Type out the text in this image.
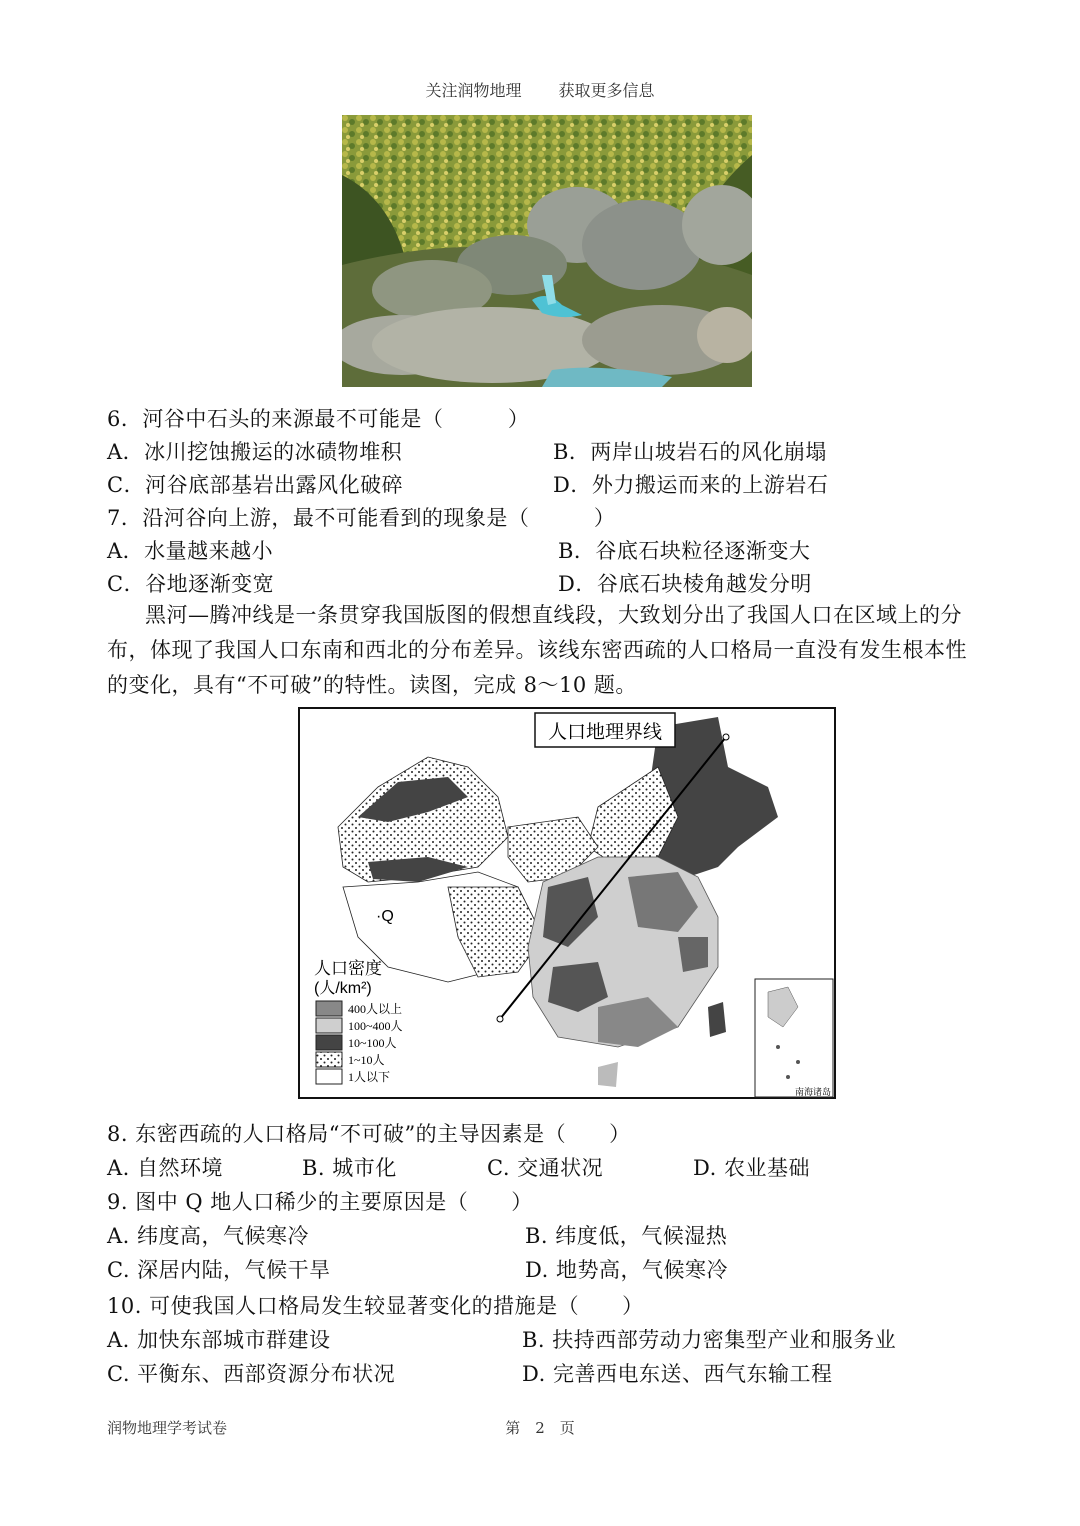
关注润物地理 获取更多信息
6．河谷中石头的来源最不可能是（　　　）
A．冰川挖蚀搬运的冰碛物堆积	B．两岸山坡岩石的风化崩塌
C．河谷底部基岩出露风化破碎	D．外力搬运而来的上游岩石
7．沿河谷向上游，最不可能看到的现象是（　　　）
A．水量越来越小	B．谷底石块粒径逐渐变大
C．谷地逐渐变宽	D．谷底石块棱角越发分明
黑河—腾冲线是一条贯穿我国版图的假想直线段，大致划分出了我国人口在区域上的分布，体现了我国人口东南和西北的分布差异。该线东密西疏的人口格局一直没有发生根本性的变化，具有“不可破”的特性。读图，完成 8～10 题。
人口地理界线
·Q
人口密度
(人/km²)
400人以上
100~400人
10~100人
1~10人
1人以下
南海诸岛
8. 东密西疏的人口格局“不可破”的主导因素是（　　）
A. 自然环境	B. 城市化	C. 交通状况	D. 农业基础
9. 图中 Q 地人口稀少的主要原因是（　　）
A. 纬度高，气候寒冷	B. 纬度低，气候湿热
C. 深居内陆，气候干旱	D. 地势高，气候寒冷
10. 可使我国人口格局发生较显著变化的措施是（　　）
A. 加快东部城市群建设	B. 扶持西部劳动力密集型产业和服务业
C. 平衡东、西部资源分布状况	D. 完善西电东送、西气东输工程
第　2　页
润物地理学考试卷
